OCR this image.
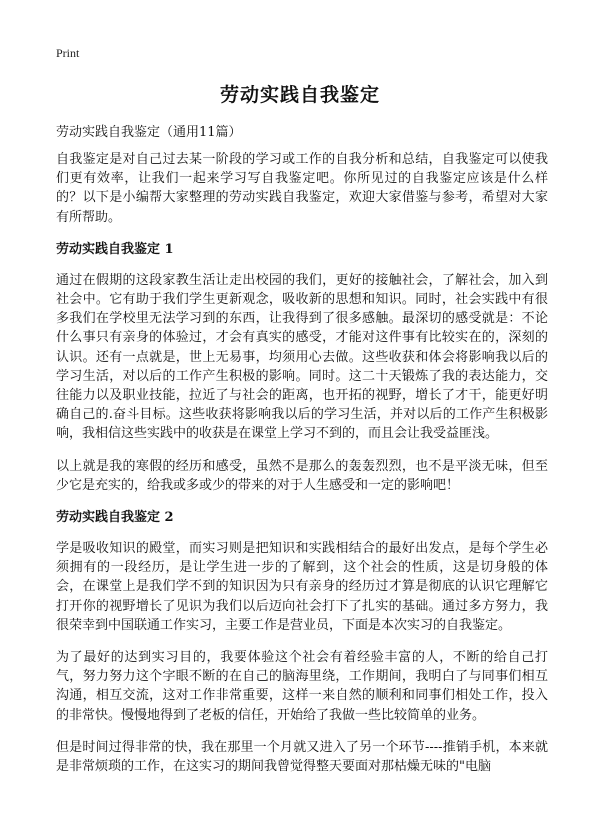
Print
劳动实践自我鉴定

劳动实践自我鉴定（通用11篇）

自我鉴定是对自己过去某一阶段的学习或工作的自我分析和总结，自我鉴定可以使我们更有效率，让我们一起来学习写自我鉴定吧。你所见过的自我鉴定应该是什么样的？以下是小编帮大家整理的劳动实践自我鉴定，欢迎大家借鉴与参考，希望对大家有所帮助。

劳动实践自我鉴定 1

通过在假期的这段家教生活让走出校园的我们，更好的接触社会，了解社会，加入到社会中。它有助于我们学生更新观念，吸收新的思想和知识。同时，社会实践中有很多我们在学校里无法学习到的东西，让我得到了很多感触。最深切的感受就是：不论什么事只有亲身的体验过，才会有真实的感受，才能对这件事有比较实在的，深刻的认识。还有一点就是，世上无易事，均须用心去做。这些收获和体会将影响我以后的学习生活，对以后的工作产生积极的影响。同时。这二十天锻炼了我的表达能力，交往能力以及职业技能，拉近了与社会的距离，也开拓的视野，增长了才干，能更好明确自己的.奋斗目标。这些收获将影响我以后的学习生活，并对以后的工作产生积极影响，我相信这些实践中的收获是在课堂上学习不到的，而且会让我受益匪浅。

以上就是我的寒假的经历和感受，虽然不是那么的轰轰烈烈，也不是平淡无味，但至少它是充实的，给我或多或少的带来的对于人生感受和一定的影响吧！

劳动实践自我鉴定 2

学是吸收知识的殿堂，而实习则是把知识和实践相结合的最好出发点，是每个学生必须拥有的一段经历，是让学生进一步的了解到，这个社会的性质，这是切身般的体会，在课堂上是我们学不到的知识因为只有亲身的经历过才算是彻底的认识它理解它打开你的视野增长了见识为我们以后迈向社会打下了扎实的基础。通过多方努力，我很荣幸到中国联通工作实习，主要工作是营业员，下面是本次实习的自我鉴定。

为了最好的达到实习目的，我要体验这个社会有着经验丰富的人，不断的给自己打气，努力努力这个字眼不断的在自己的脑海里绕，工作期间，我明白了与同事们相互沟通，相互交流，这对工作非常重要，这样一来自然的顺利和同事们相处工作，投入的非常快。慢慢地得到了老板的信任，开始给了我做一些比较简单的业务。

但是时间过得非常的快，我在那里一个月就又进入了另一个环节----推销手机，本来就是非常烦琐的工作，在这实习的期间我曾觉得整天要面对那枯燥无味的"电脑
